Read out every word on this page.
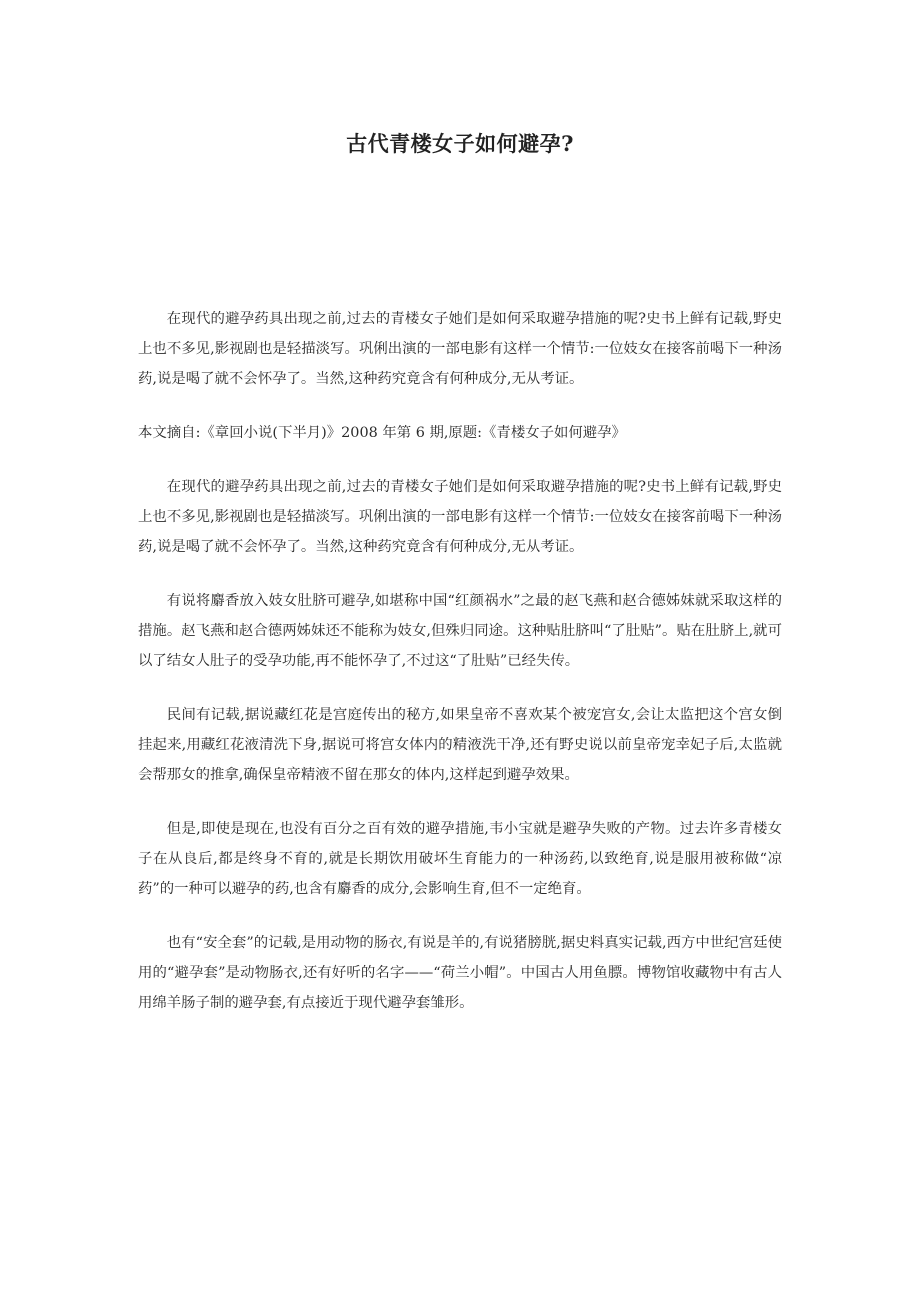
古代青楼女子如何避孕?

在现代的避孕药具出现之前,过去的青楼女子她们是如何采取避孕措施的呢?史书上鲜有记载,野史上也不多见,影视剧也是轻描淡写。巩俐出演的一部电影有这样一个情节:一位妓女在接客前喝下一种汤药,说是喝了就不会怀孕了。当然,这种药究竟含有何种成分,无从考证。

本文摘自:《章回小说(下半月)》2008 年第 6 期,原题:《青楼女子如何避孕》

在现代的避孕药具出现之前,过去的青楼女子她们是如何采取避孕措施的呢?史书上鲜有记载,野史上也不多见,影视剧也是轻描淡写。巩俐出演的一部电影有这样一个情节:一位妓女在接客前喝下一种汤药,说是喝了就不会怀孕了。当然,这种药究竟含有何种成分,无从考证。

有说将麝香放入妓女肚脐可避孕,如堪称中国“红颜祸水”之最的赵飞燕和赵合德姊妹就采取这样的措施。赵飞燕和赵合德两姊妹还不能称为妓女,但殊归同途。这种贴肚脐叫“了肚贴”。贴在肚脐上,就可以了结女人肚子的受孕功能,再不能怀孕了,不过这“了肚贴”已经失传。

民间有记载,据说藏红花是宫庭传出的秘方,如果皇帝不喜欢某个被宠宫女,会让太监把这个宫女倒挂起来,用藏红花液清洗下身,据说可将宫女体内的精液洗干净,还有野史说以前皇帝宠幸妃子后,太监就会帮那女的推拿,确保皇帝精液不留在那女的体内,这样起到避孕效果。

但是,即使是现在,也没有百分之百有效的避孕措施,韦小宝就是避孕失败的产物。过去许多青楼女子在从良后,都是终身不育的,就是长期饮用破坏生育能力的一种汤药,以致绝育,说是服用被称做“凉药”的一种可以避孕的药,也含有麝香的成分,会影响生育,但不一定绝育。

也有“安全套”的记载,是用动物的肠衣,有说是羊的,有说猪膀胱,据史料真实记载,西方中世纪宫廷使用的“避孕套”是动物肠衣,还有好听的名字——“荷兰小帽”。中国古人用鱼膘。博物馆收藏物中有古人用绵羊肠子制的避孕套,有点接近于现代避孕套雏形。
